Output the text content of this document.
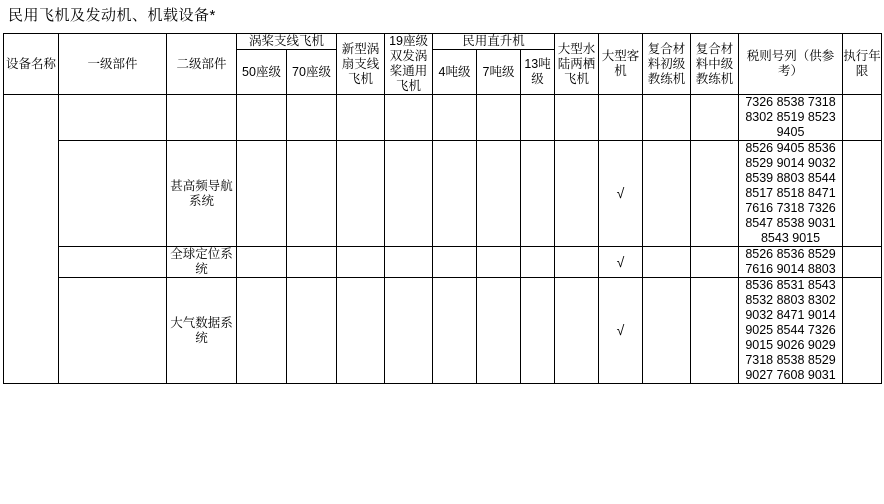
民用飞机及发动机、机载设备*
设备名称	一级部件	二级部件	涡桨支线飞机		新型涡扇支线飞机	19座级双发涡桨通用飞机	民用直升机			大型水陆两栖飞机	大型客机	复合材料初级教练机	复合材料中级教练机	税则号列（供参考）	执行年限
			50座级	70座级			4吨级	7吨级	13吨级						

														7326 8538 7318 8302 8519 8523 9405	
		甚高频导航系统									√			8526 9405 8536 8529 9014 9032 8539 8803 8544 8517 8518 8471 7616 7318 7326 8547 8538 9031 8543 9015	
		全球定位系统									√			8526 8536 8529 7616 9014 8803	
		大气数据系统									√			8536 8531 8543 8532 8803 8302 9032 8471 9014 9025 8544 7326 9015 9026 9029 7318 8538 8529 9027 7608 9031	
